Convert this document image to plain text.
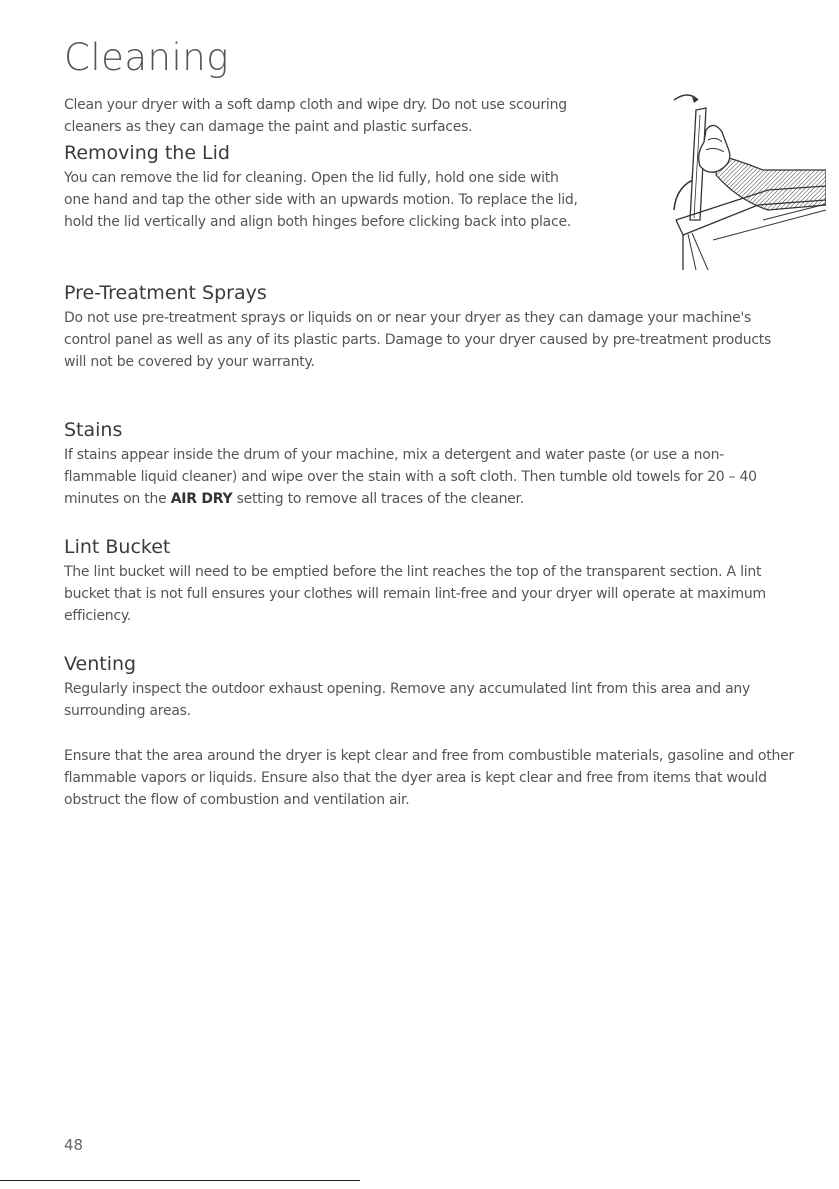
Cleaning

Clean your dryer with a soft damp cloth and wipe dry. Do not use scouring cleaners as they can damage the paint and plastic surfaces.

Removing the Lid

You can remove the lid for cleaning. Open the lid fully, hold one side with one hand and tap the other side with an upwards motion. To replace the lid, hold the lid vertically and align both hinges before clicking back into place.

Pre-Treatment Sprays

Do not use pre-treatment sprays or liquids on or near your dryer as they can damage your machine's control panel as well as any of its plastic parts. Damage to your dryer caused by pre-treatment products will not be covered by your warranty.

Stains

If stains appear inside the drum of your machine, mix a detergent and water paste (or use a non-flammable liquid cleaner) and wipe over the stain with a soft cloth. Then tumble old towels for 20 – 40 minutes on the AIR DRY setting to remove all traces of the cleaner.

Lint Bucket

The lint bucket will need to be emptied before the lint reaches the top of the transparent section. A lint bucket that is not full ensures your clothes will remain lint-free and your dryer will operate at maximum efficiency.

Venting

Regularly inspect the outdoor exhaust opening. Remove any accumulated lint from this area and any surrounding areas.

Ensure that the area around the dryer is kept clear and free from combustible materials, gasoline and other flammable vapors or liquids. Ensure also that the dyer area is kept clear and free from items that would obstruct the flow of combustion and ventilation air.

48
